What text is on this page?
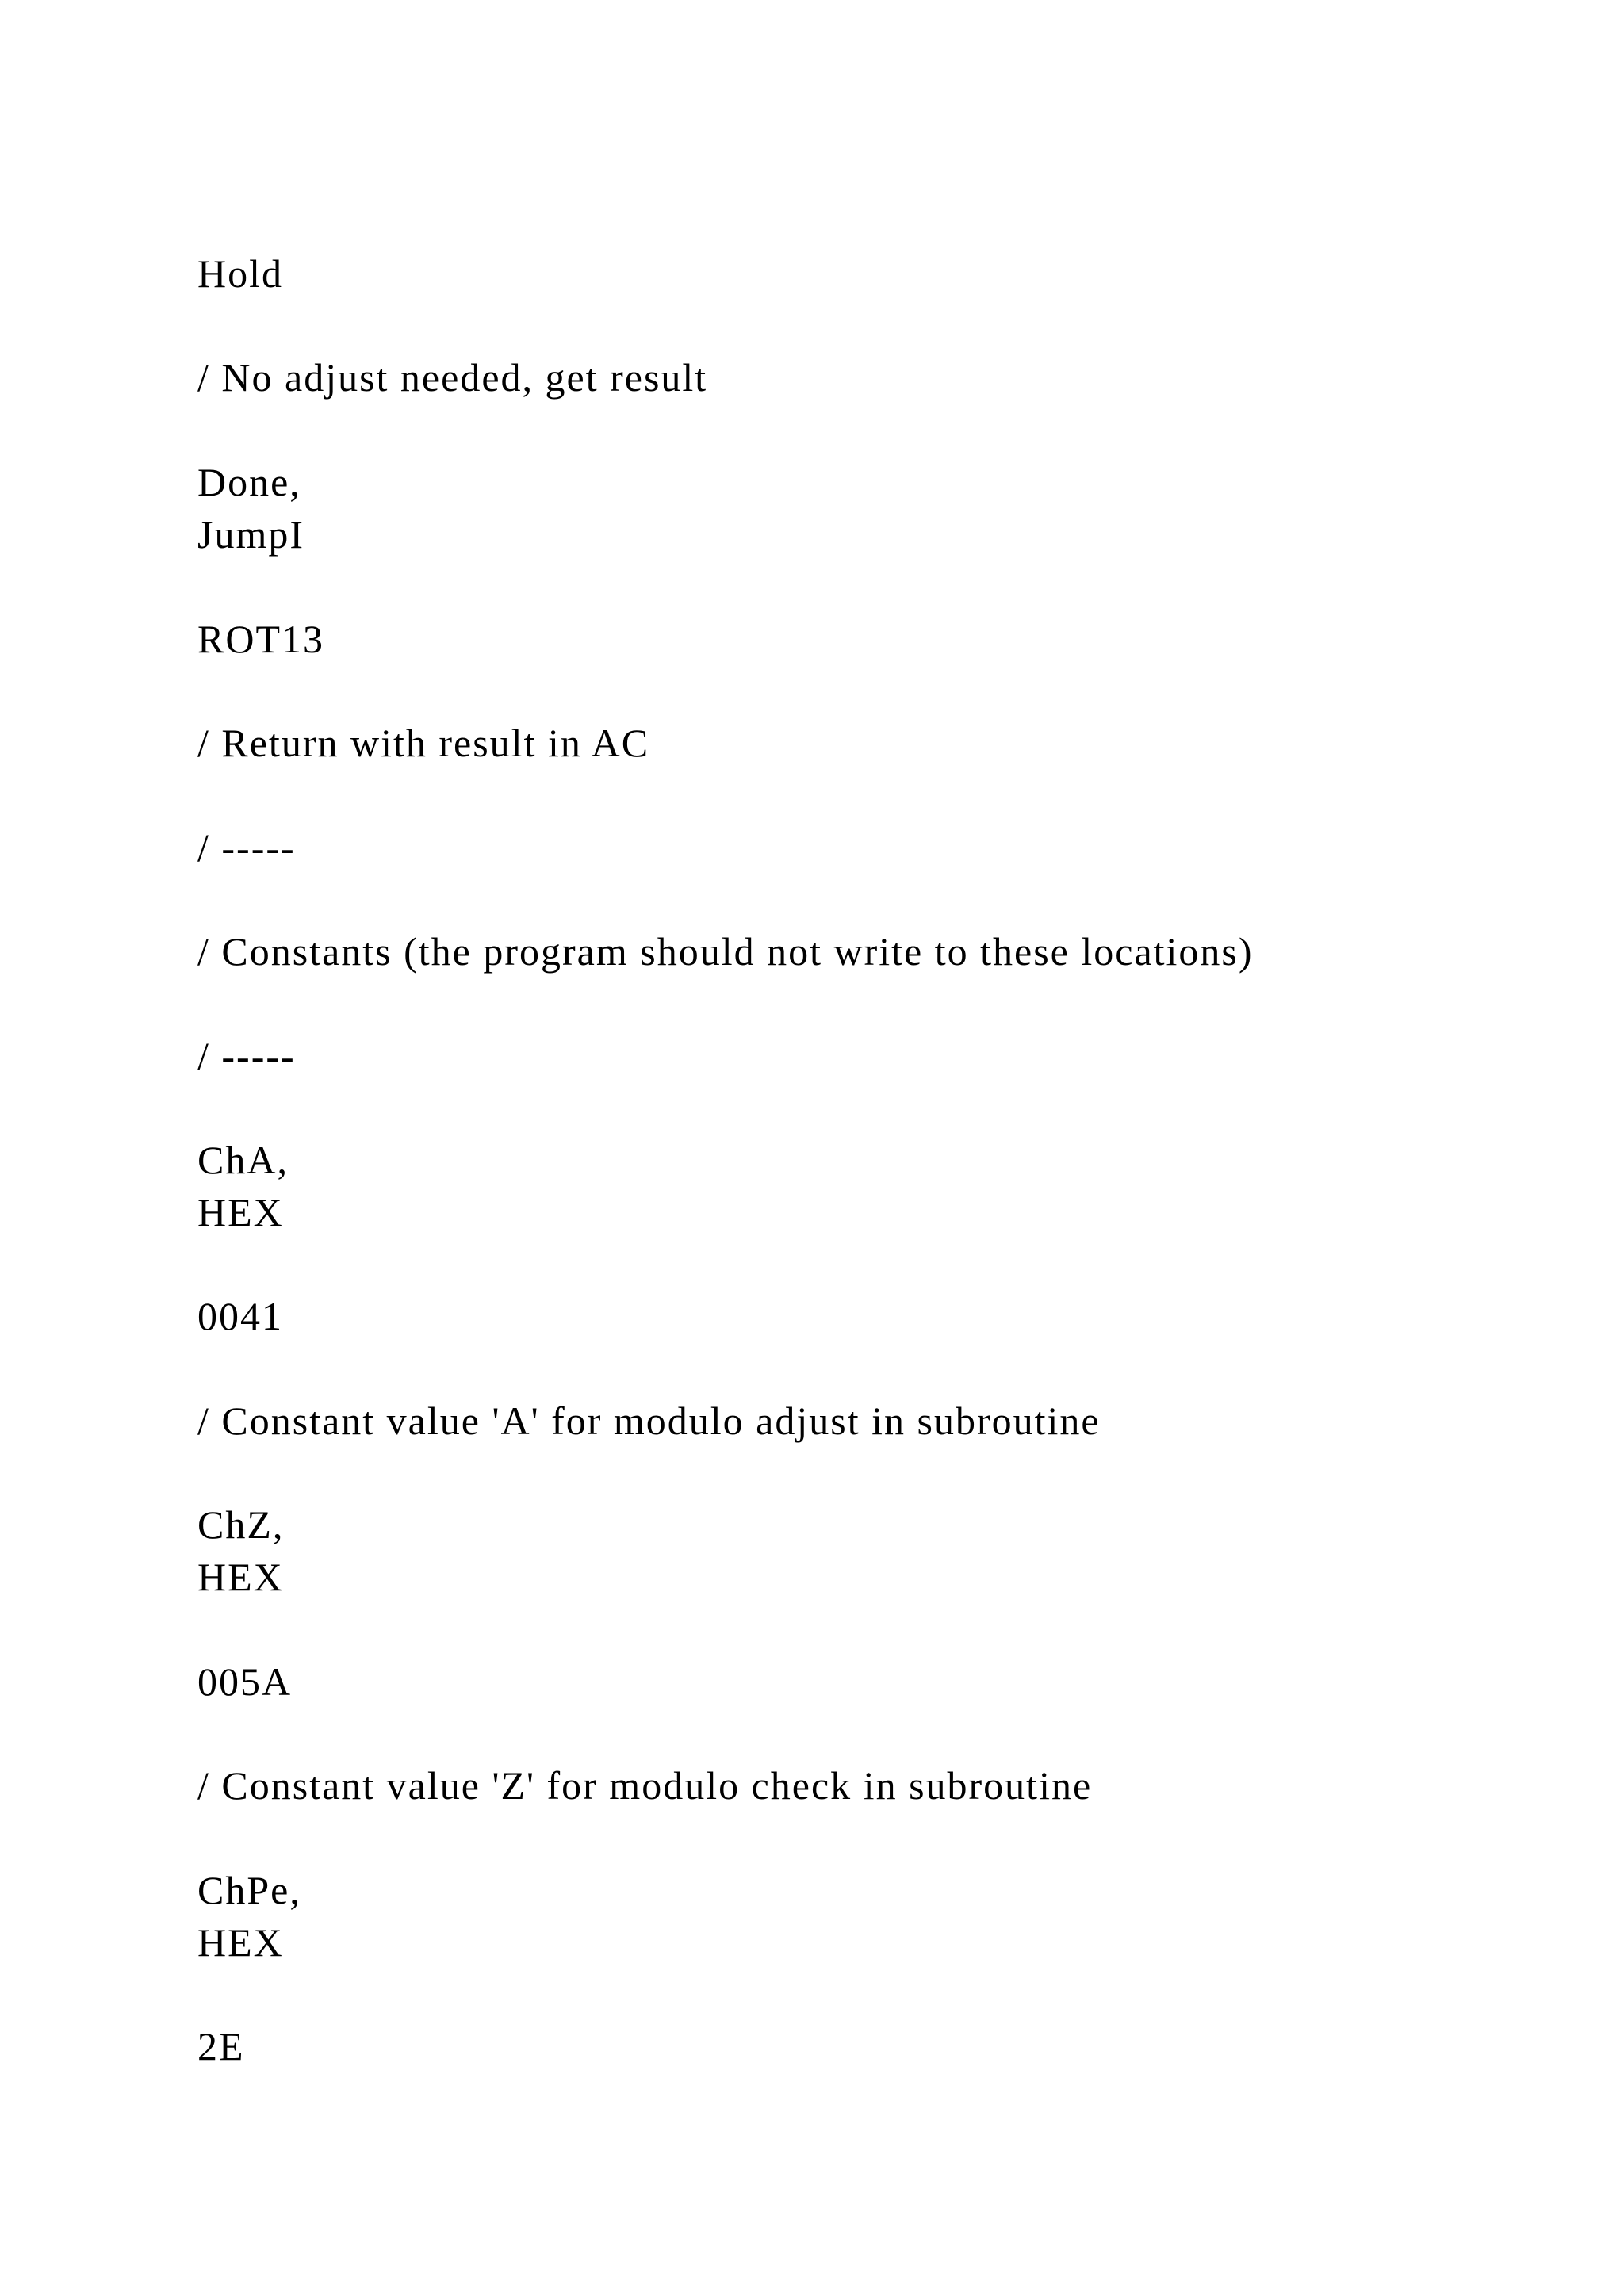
Hold

/ No adjust needed, get result

Done,

JumpI

ROT13

/ Return with result in AC

/ -----

/ Constants (the program should not write to these locations)

/ -----

ChA,

HEX

0041

/ Constant value 'A' for modulo adjust in subroutine

ChZ,

HEX

005A

/ Constant value 'Z' for modulo check in subroutine

ChPe,

HEX

2E
